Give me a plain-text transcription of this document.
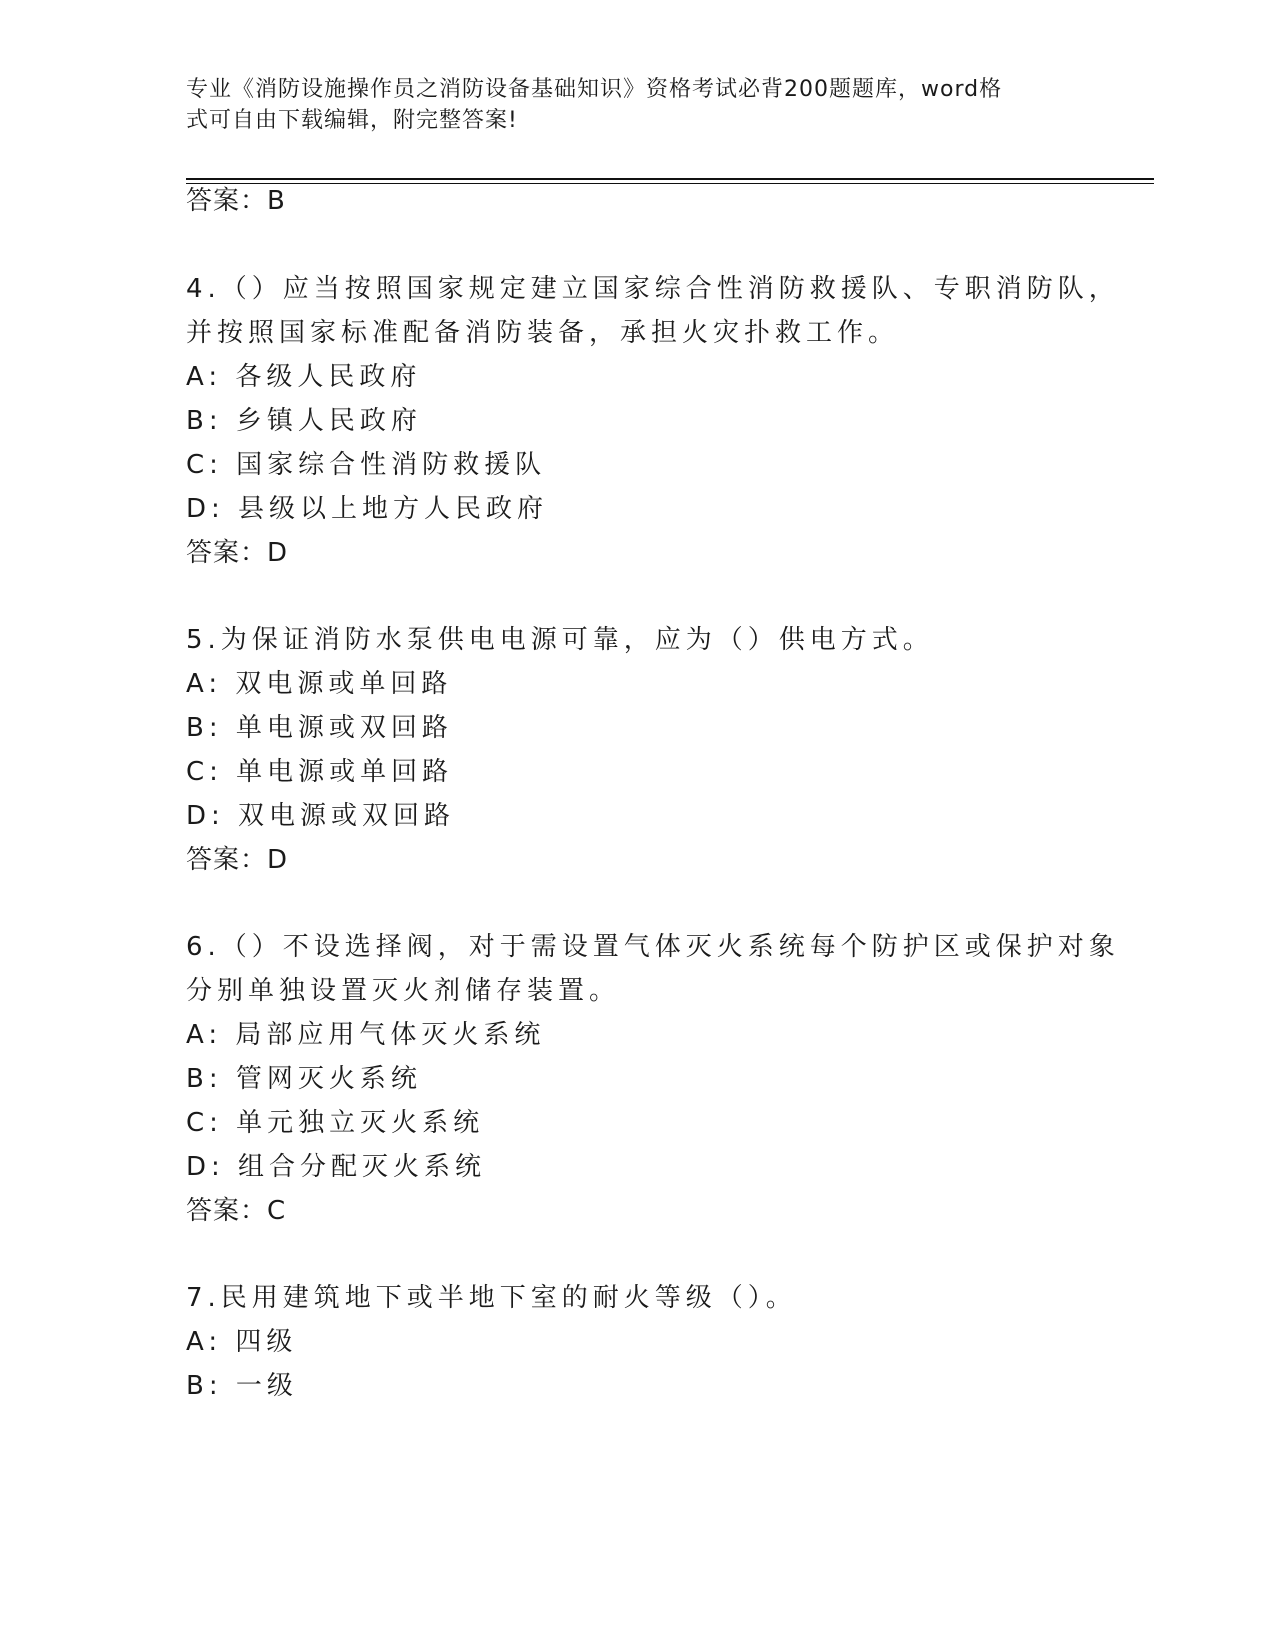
专业《消防设施操作员之消防设备基础知识》资格考试必背200题题库，word格
式可自由下载编辑，附完整答案!
答案：B
4.（）应当按照国家规定建立国家综合性消防救援队、专职消防队，
并按照国家标准配备消防装备，承担火灾扑救工作。
A: 各级人民政府
B: 乡镇人民政府
C: 国家综合性消防救援队
D: 县级以上地方人民政府
答案：D
5.为保证消防水泵供电电源可靠，应为（）供电方式。
A: 双电源或单回路
B: 单电源或双回路
C: 单电源或单回路
D: 双电源或双回路
答案：D
6.（）不设选择阀，对于需设置气体灭火系统每个防护区或保护对象
分别单独设置灭火剂储存装置。
A: 局部应用气体灭火系统
B: 管网灭火系统
C: 单元独立灭火系统
D: 组合分配灭火系统
答案：C
7.民用建筑地下或半地下室的耐火等级（）。
A: 四级
B: 一级
